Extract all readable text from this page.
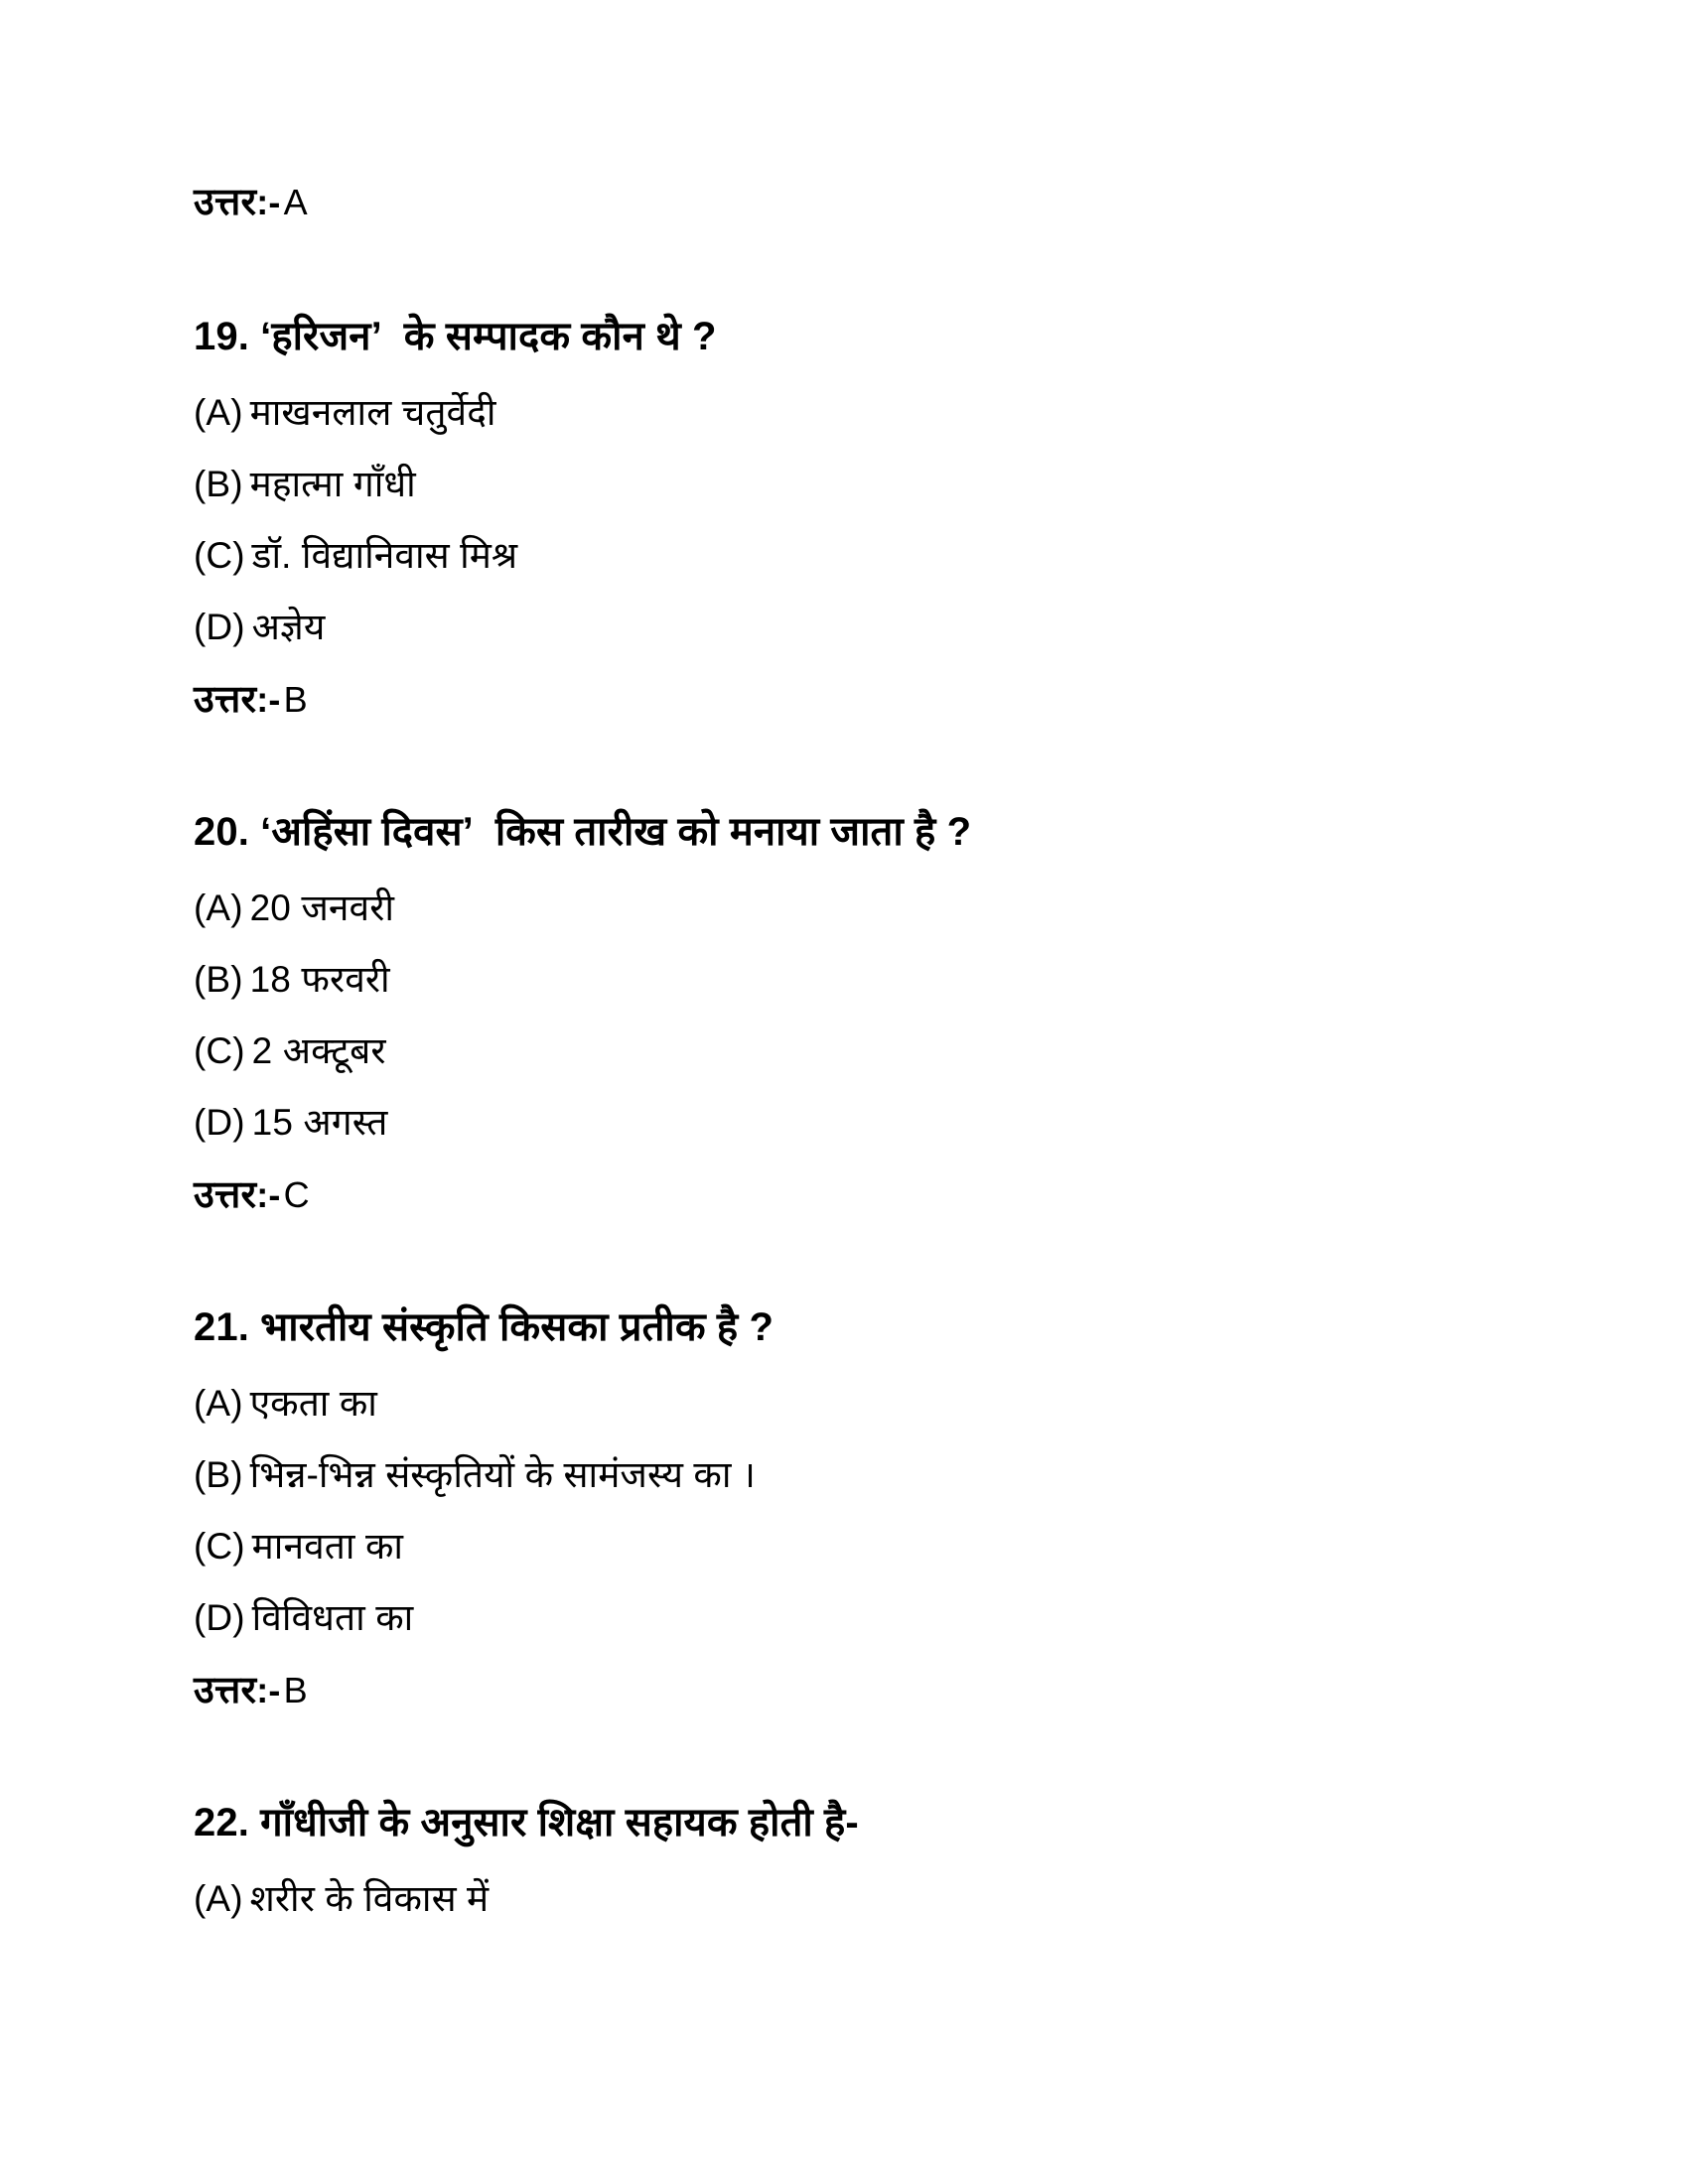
उत्तर:-A
19. ‘हरिजन’ के सम्पादक कौन थे ?
(A) माखनलाल चतुर्वेदी
(B) महात्मा गाँधी
(C) डॉ. विद्यानिवास मिश्र
(D) अज्ञेय
उत्तर:-B
20. ‘अहिंसा दिवस’ किस तारीख को मनाया जाता है ?
(A) 20 जनवरी
(B) 18 फरवरी
(C) 2 अक्टूबर
(D) 15 अगस्त
उत्तर:-C
21. भारतीय संस्कृति किसका प्रतीक है ?
(A) एकता का
(B) भिन्न-भिन्न संस्कृतियों के सामंजस्य का ।
(C) मानवता का
(D) विविधता का
उत्तर:-B
22. गाँधीजी के अनुसार शिक्षा सहायक होती है-
(A) शरीर के विकास में
